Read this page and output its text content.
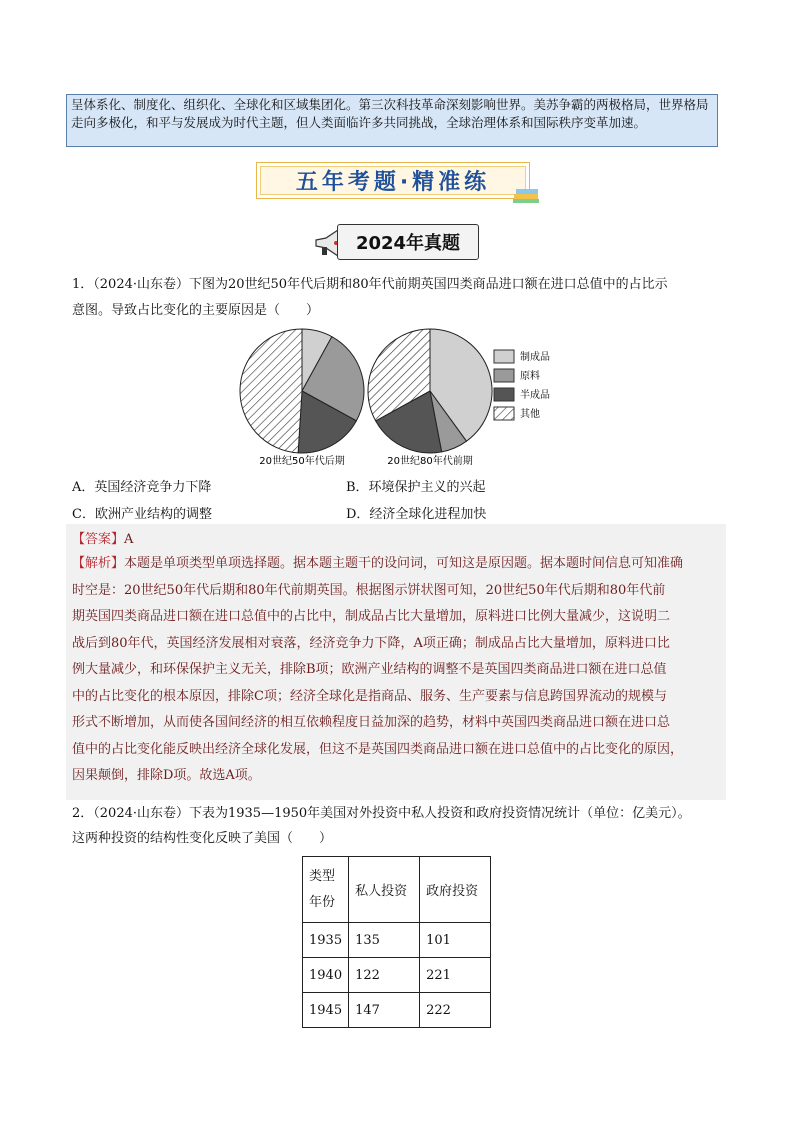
呈体系化、制度化、组织化、全球化和区域集团化。第三次科技革命深刻影响世界。美苏争霸的两极格局，世界格局走向多极化，和平与发展成为时代主题，但人类面临许多共同挑战，全球治理体系和国际秩序变革加速。
五年考题·精准练
2024年真题
1．（2024·山东卷）下图为20世纪50年代后期和80年代前期英国四类商品进口额在进口总值中的占比示
意图。导致占比变化的主要原因是（　　）
20世纪50年代后期	20世纪80年代前期
制成品
原料
半成品
其他
A．英国经济竞争力下降	B．环境保护主义的兴起
C．欧洲产业结构的调整	D．经济全球化进程加快
【答案】A
【解析】本题是单项类型单项选择题。据本题主题干的设问词，可知这是原因题。据本题时间信息可知准确
时空是：20世纪50年代后期和80年代前期英国。根据图示饼状图可知，20世纪50年代后期和80年代前
期英国四类商品进口额在进口总值中的占比中，制成品占比大量增加，原料进口比例大量减少，这说明二
战后到80年代，英国经济发展相对衰落，经济竞争力下降，A项正确；制成品占比大量增加，原料进口比
例大量减少，和环保保护主义无关，排除B项；欧洲产业结构的调整不是英国四类商品进口额在进口总值
中的占比变化的根本原因，排除C项；经济全球化是指商品、服务、生产要素与信息跨国界流动的规模与
形式不断增加，从而使各国间经济的相互依赖程度日益加深的趋势，材料中英国四类商品进口额在进口总
值中的占比变化能反映出经济全球化发展，但这不是英国四类商品进口额在进口总值中的占比变化的原因，
因果颠倒，排除D项。故选A项。
2．（2024·山东卷）下表为1935—1950年美国对外投资中私人投资和政府投资情况统计（单位：亿美元）。
这两种投资的结构性变化反映了美国（　　）
类型
年份	私人投资	政府投资
1935	135	101
1940	122	221
1945	147	222
